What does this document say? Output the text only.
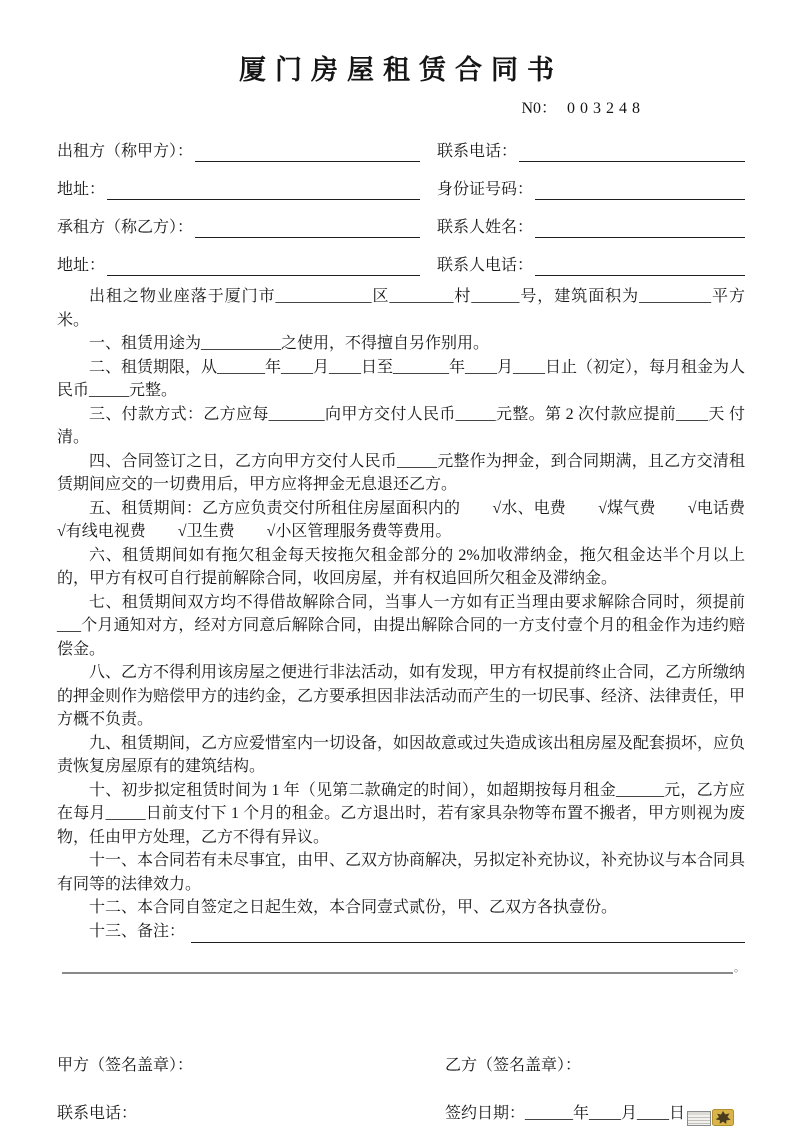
厦门房屋租赁合同书
N0： 003248
出租方（称甲方）：	联系电话：
地址：	身份证号码：
承租方（称乙方）：	联系人姓名：
地址：	联系人电话：

出租之物业座落于厦门市____________区________村______号，建筑面积为_________平方米。

一、租赁用途为__________之使用，不得擅自另作别用。

二、租赁期限，从______年____月____日至_______年____月____日止（初定），每月租金为人民币_____元整。

三、付款方式：乙方应每_______向甲方交付人民币_____元整。第 2 次付款应提前____天 付清。

四、合同签订之日，乙方向甲方交付人民币_____元整作为押金，到合同期满，且乙方交清租赁期间应交的一切费用后，甲方应将押金无息退还乙方。

五、租赁期间：乙方应负责交付所租住房屋面积内的　　√水、电费　　√煤气费　　√电话费　　√有线电视费　　√卫生费　　√小区管理服务费等费用。

六、租赁期间如有拖欠租金每天按拖欠租金部分的 2%加收滞纳金，拖欠租金达半个月以上的，甲方有权可自行提前解除合同，收回房屋，并有权追回所欠租金及滞纳金。

七、租赁期间双方均不得借故解除合同，当事人一方如有正当理由要求解除合同时，须提前___个月通知对方，经对方同意后解除合同，由提出解除合同的一方支付壹个月的租金作为违约赔偿金。

八、乙方不得利用该房屋之便进行非法活动，如有发现，甲方有权提前终止合同，乙方所缴纳的押金则作为赔偿甲方的违约金，乙方要承担因非法活动而产生的一切民事、经济、法律责任，甲方概不负责。

九、租赁期间，乙方应爱惜室内一切设备，如因故意或过失造成该出租房屋及配套损坏，应负责恢复房屋原有的建筑结构。

十、初步拟定租赁时间为 1 年（见第二款确定的时间），如超期按每月租金______元，乙方应在每月_____日前支付下 1 个月的租金。乙方退出时，若有家具杂物等布置不搬者，甲方则视为废物，任由甲方处理，乙方不得有异议。

十一、本合同若有未尽事宜，由甲、乙双方协商解决，另拟定补充协议，补充协议与本合同具有同等的法律效力。

十二、本合同自签定之日起生效，本合同壹式贰份，甲、乙双方各执壹份。

十三、备注：
。
甲方（签名盖章）：	乙方（签名盖章）：
联系电话：	签约日期：______年____月____日
